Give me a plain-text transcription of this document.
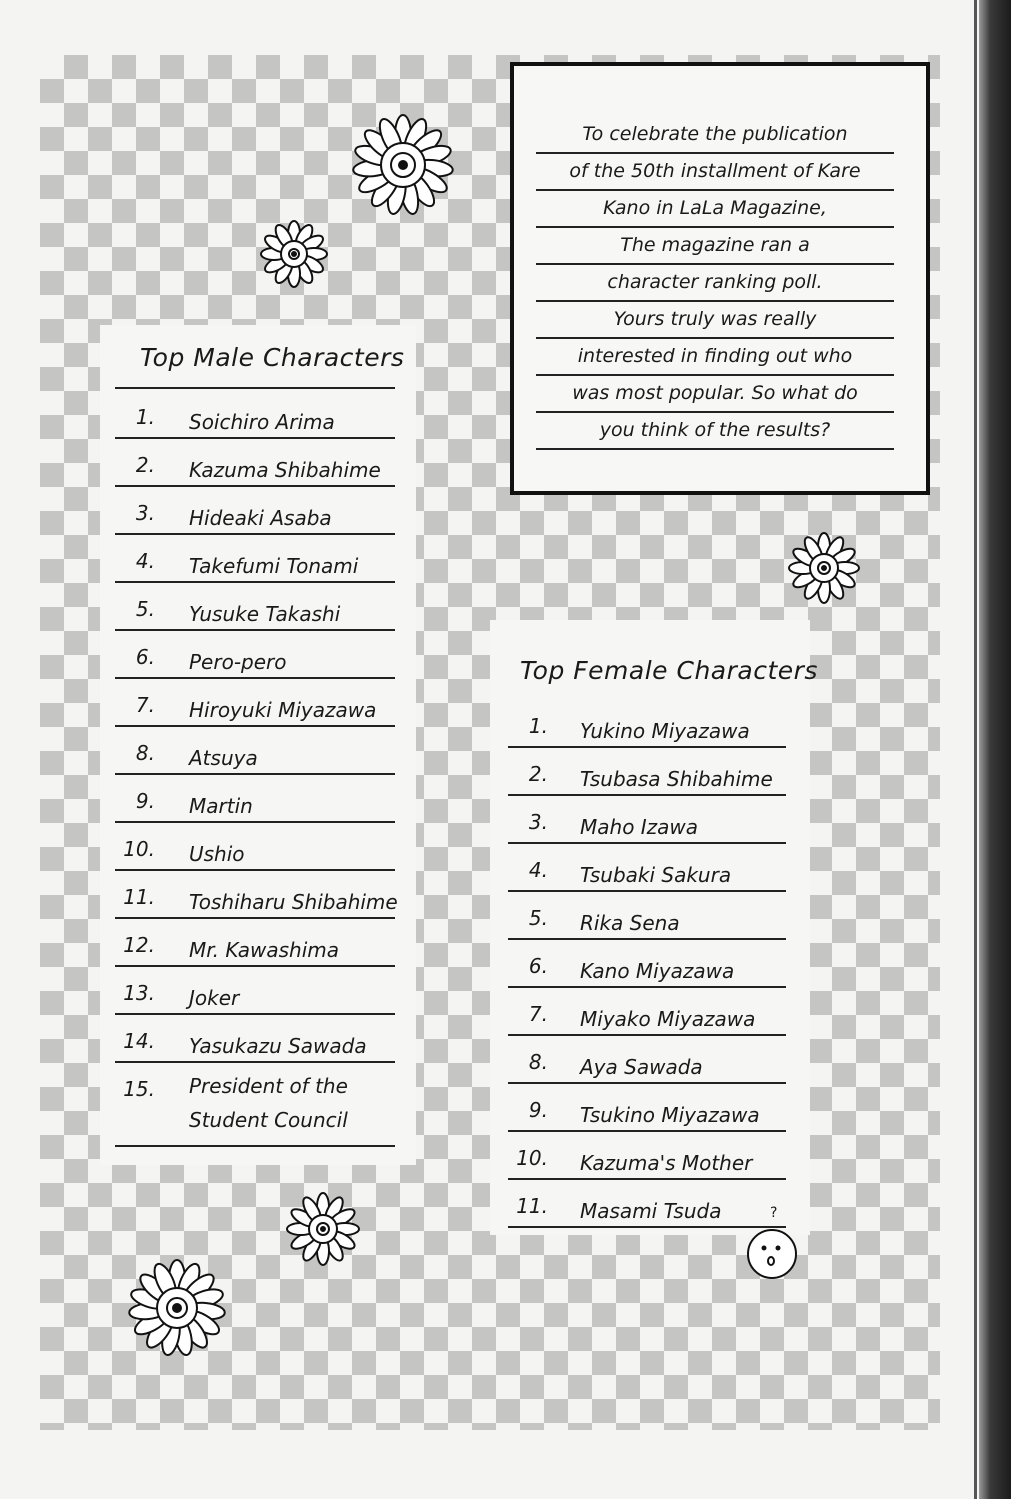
To celebrate the publication
of the 50th installment of Kare
Kano in LaLa Magazine,
The magazine ran a
character ranking poll.
Yours truly was really
interested in finding out who
was most popular. So what do
you think of the results?
Top Male Characters
1. Soichiro Arima
2. Kazuma Shibahime
3. Hideaki Asaba
4. Takefumi Tonami
5. Yusuke Takashi
6. Pero-pero
7. Hiroyuki Miyazawa
8. Atsuya
9. Martin
10. Ushio
11. Toshiharu Shibahime
12. Mr. Kawashima
13. Joker
14. Yasukazu Sawada
15. President of the
Student Council
Top Female Characters
1. Yukino Miyazawa
2. Tsubasa Shibahime
3. Maho Izawa
4. Tsubaki Sakura
5. Rika Sena
6. Kano Miyazawa
7. Miyako Miyazawa
8. Aya Sawada
9. Tsukino Miyazawa
10. Kazuma's Mother
11. Masami Tsuda	?
